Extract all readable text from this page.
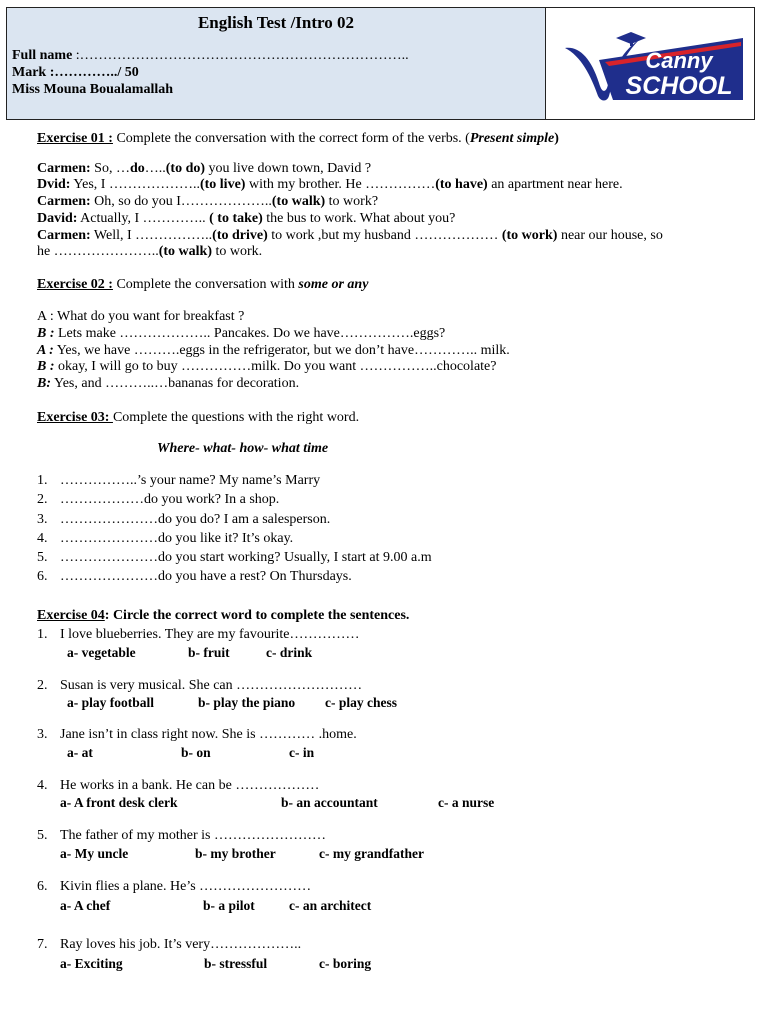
English Test /Intro 02
Full name :……………………………………………………………..
Mark :…………../ 50
Miss Mouna Boualamallah
Canny
SCHOOL
Exercise 01 : Complete the conversation with the correct form of the verbs. (Present simple)
Carmen: So, …do…..(to do) you live down town, David ?
Dvid: Yes, I ………………..(to live) with my brother. He ……………(to have) an apartment near here.
Carmen: Oh, so do you I………………..(to walk) to work?
David: Actually, I ………….. ( to take) the bus to work. What about you?
Carmen: Well, I ……………..(to drive) to work ,but my husband ……………… (to work) near our house, so
he …………………..(to walk) to work.
Exercise 02 : Complete the conversation with some or any
A : What do you want for breakfast ?
B : Lets make ……………….. Pancakes. Do we have…………….eggs?
A : Yes, we have ……….eggs in the refrigerator, but we don’t have………….. milk.
B : okay, I will go to buy ……………milk. Do you want ……………..chocolate?
B: Yes, and ………..…bananas for decoration.
Exercise 03: Complete the questions with the right word.
Where- what- how- what time
1. ……………..’s your name? My name’s Marry
2. ………………do you work? In a shop.
3. …………………do you do? I am a salesperson.
4. …………………do you like it? It’s okay.
5. …………………do you start working? Usually, I start at 9.00 a.m
6. …………………do you have a rest? On Thursdays.
Exercise 04: Circle the correct word to complete the sentences.
1. I love blueberries. They are my favourite……………
a- vegetable	b- fruit	c- drink
2. Susan is very musical. She can ………………………
a- play football	b- play the piano c- play chess
3. Jane isn’t in class right now. She is ………… .home.
a- at	b- on	c- in
4. He works in a bank. He can be ………………
a- A front desk clerk	b- an accountant	c- a nurse
5. The father of my mother is ……………………
a- My uncle	b- my brother	c- my grandfather
6. Kivin flies a plane. He’s ……………………
a- A chef	b- a pilot	c- an architect
7. Ray loves his job. It’s very………………..
a- Exciting	b- stressful	c- boring
